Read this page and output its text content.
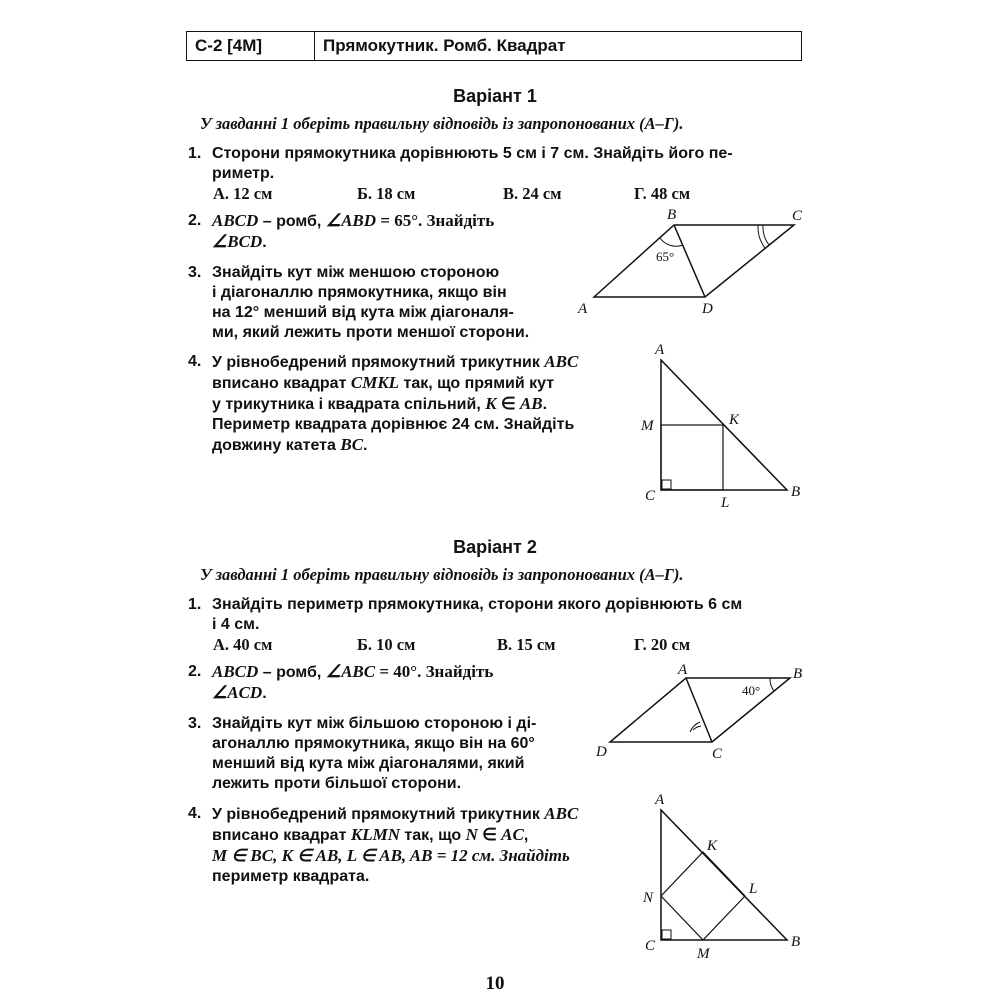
С-2 [4М]	Прямокутник. Ромб. Квадрат
Варіант 1
У завданні 1 оберіть правильну відповідь із запропонованих (А–Г).
1. Сторони прямокутника дорівнюють 5 см і 7 см. Знайдіть його пе-
риметр.
А. 12 см	Б. 18 см	В. 24 см	Г. 48 см
2. ABCD – ромб, ∠ABD = 65°. Знайдіть
∠BCD.
3. Знайдіть кут між меншою стороною
і діагоналлю прямокутника, якщо він
на 12° менший від кута між діагоналя-
ми, який лежить проти меншої сторони.
4. У рівнобедрений прямокутний трикутник ABC
вписано квадрат CMKL так, що прямий кут
у трикутника і квадрата спільний, K ∈ AB.
Периметр квадрата дорівнює 24 см. Знайдіть
довжину катета BC.
B	C
A	D
65°
A
M	K
C	L
B
Варіант 2
У завданні 1 оберіть правильну відповідь із запропонованих (А–Г).
1. Знайдіть периметр прямокутника, сторони якого дорівнюють 6 см
і 4 см.
А. 40 см	Б. 10 см	В. 15 см	Г. 20 см
2. ABCD – ромб, ∠ABC = 40°. Знайдіть
∠ACD.
3. Знайдіть кут між більшою стороною і ді-
агоналлю прямокутника, якщо він на 60°
менший від кута між діагоналями, який
лежить проти більшої сторони.
4. У рівнобедрений прямокутний трикутник ABC
вписано квадрат KLMN так, що N ∈ AC,
M ∈ BC, K ∈ AB, L ∈ AB, AB = 12 см. Знайдіть
периметр квадрата.
A	B
D	C
40°
A
K
L
N
C	M
B
10
